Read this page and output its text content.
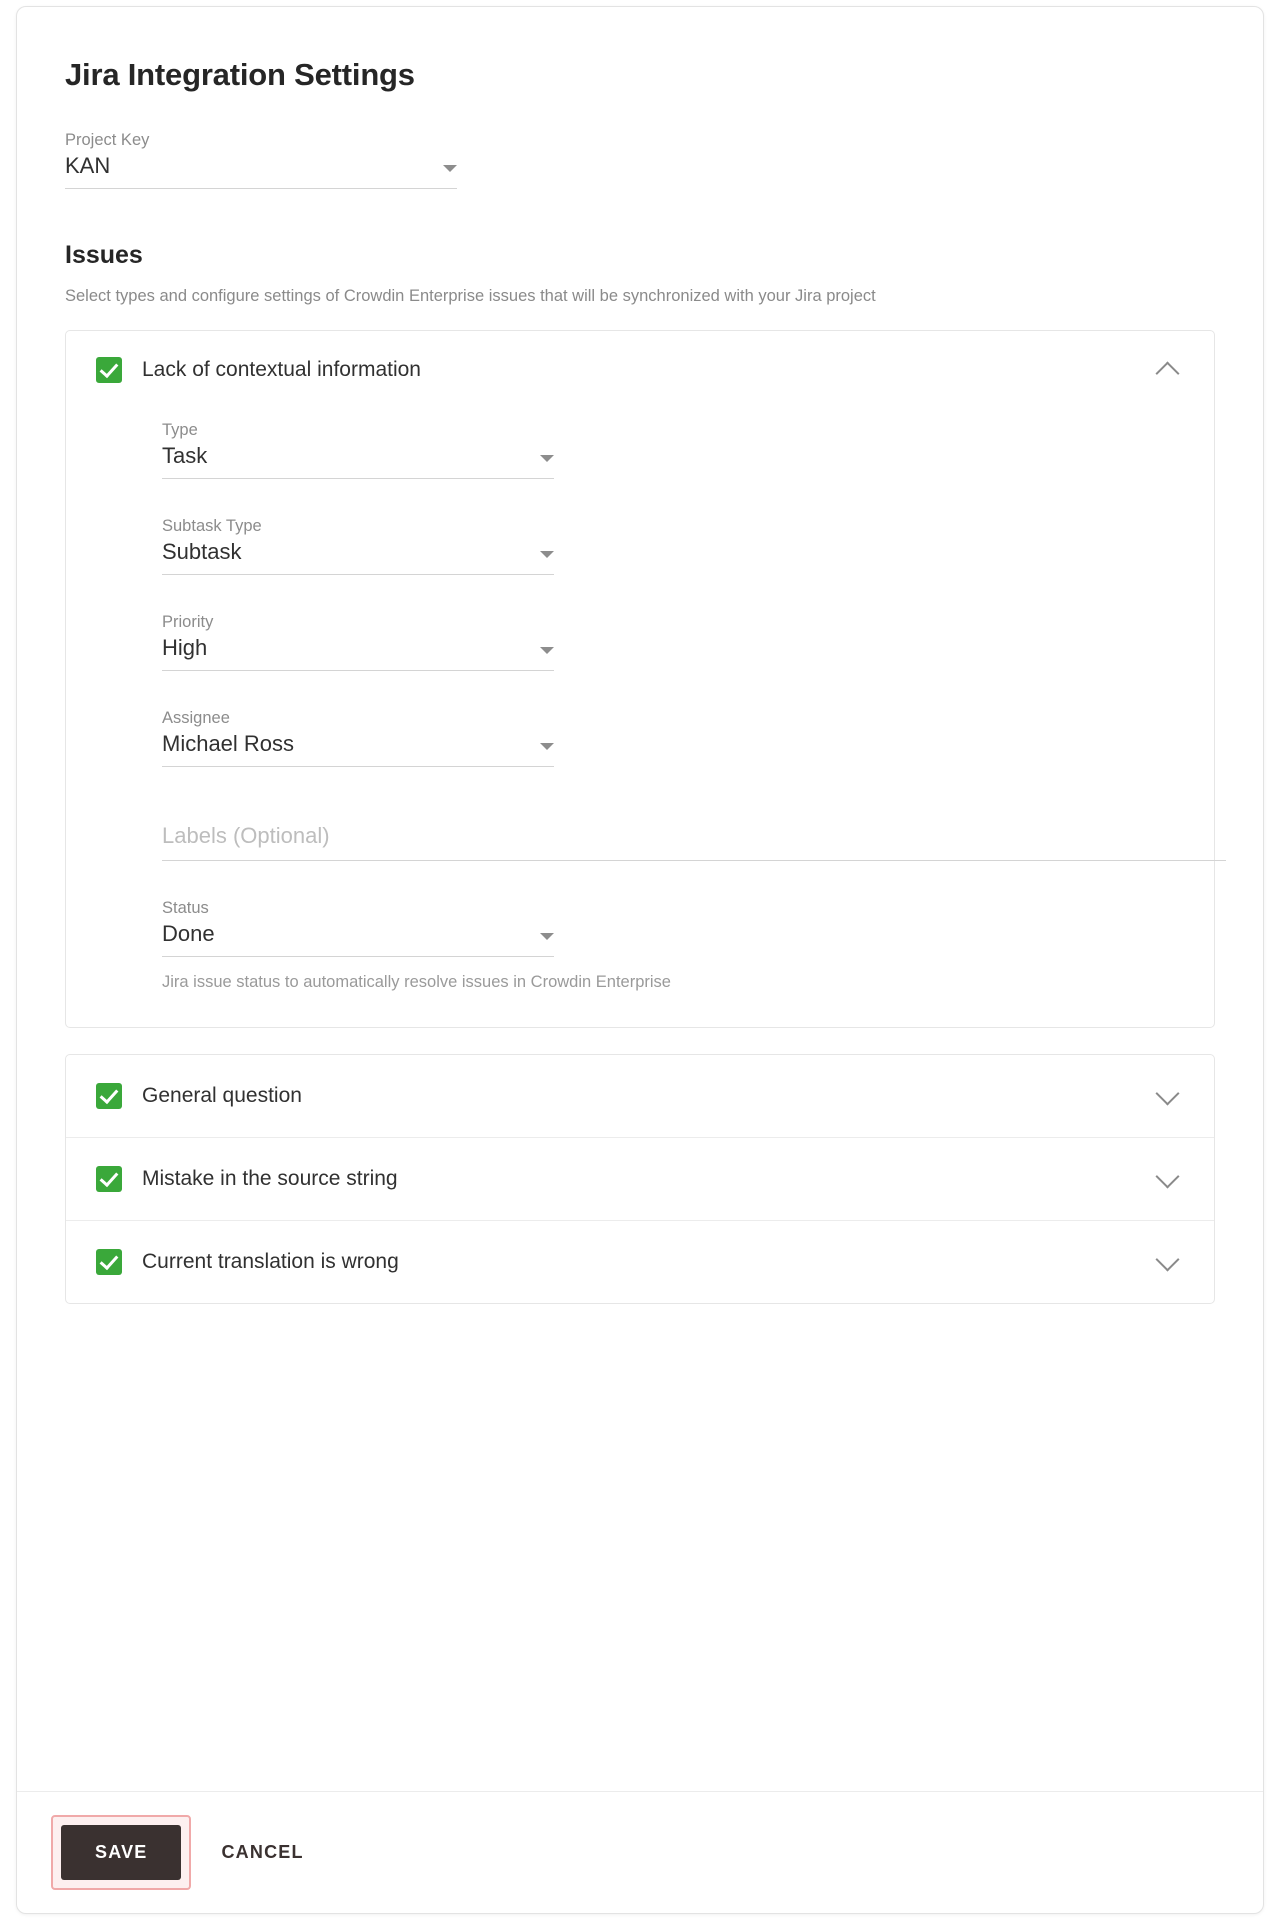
Jira Integration Settings
Project Key
KAN
Issues
Select types and configure settings of Crowdin Enterprise issues that will be synchronized with your Jira project
Lack of contextual information
Type
Task
Subtask Type
Subtask
Priority
High
Assignee
Michael Ross
Labels (Optional)
Status
Done
Jira issue status to automatically resolve issues in Crowdin Enterprise
General question
Mistake in the source string
Current translation is wrong
SAVE	CANCEL
